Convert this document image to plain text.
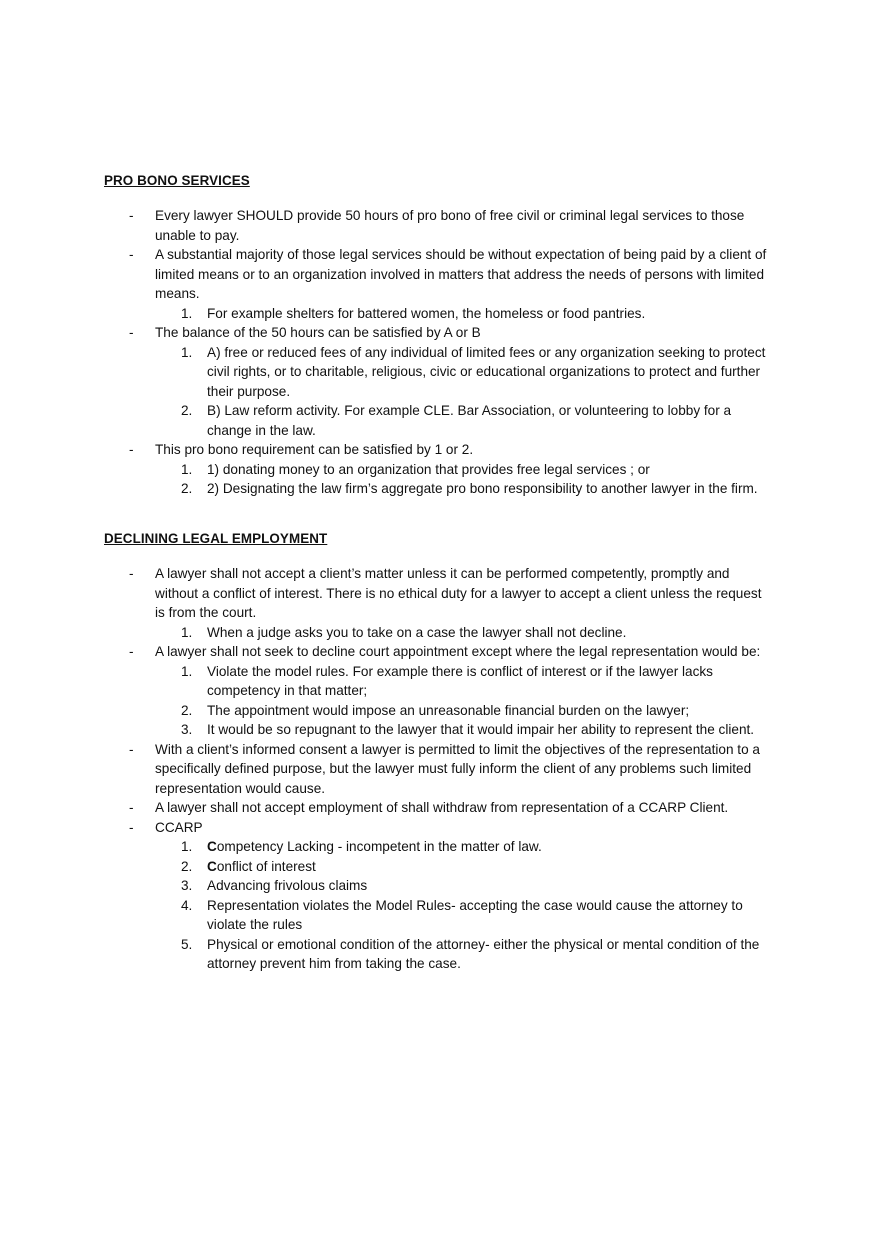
PRO BONO SERVICES
- Every lawyer SHOULD provide 50 hours of pro bono of free civil or criminal legal services to those unable to pay.
- A substantial majority of those legal services should be without expectation of being paid by a client of limited means or to an organization involved in matters that address the needs of persons with limited means.
1. For example shelters for battered women, the homeless or food pantries.
- The balance of the 50 hours can be satisfied by A or B
1. A) free or reduced fees of any individual of limited fees or any organization seeking to protect civil rights, or to charitable, religious, civic or educational organizations to protect and further their purpose.
2. B) Law reform activity. For example CLE. Bar Association, or volunteering to lobby for a change in the law.
- This pro bono requirement can be satisfied by 1 or 2.
1. 1) donating money to an organization that provides free legal services ; or
2. 2) Designating the law firm’s aggregate pro bono responsibility to another lawyer in the firm.
DECLINING LEGAL EMPLOYMENT
- A lawyer shall not accept a client’s matter unless it can be performed competently, promptly and without a conflict of interest. There is no ethical duty for a lawyer to accept a client unless the request is from the court.
1. When a judge asks you to take on a case the lawyer shall not decline.
- A lawyer shall not seek to decline court appointment except where the legal representation would be:
1. Violate the model rules. For example there is conflict of interest or if the lawyer lacks competency in that matter;
2. The appointment would impose an unreasonable financial burden on the lawyer;
3. It would be so repugnant to the lawyer that it would impair her ability to represent the client.
- With a client’s informed consent a lawyer is permitted to limit the objectives of the representation to a specifically defined purpose, but the lawyer must fully inform the client of any problems such limited representation would cause.
- A lawyer shall not accept employment of shall withdraw from representation of a CCARP Client.
- CCARP
1. Competency Lacking - incompetent in the matter of law.
2. Conflict of interest
3. Advancing frivolous claims
4. Representation violates the Model Rules- accepting the case would cause the attorney to violate the rules
5. Physical or emotional condition of the attorney- either the physical or mental condition of the attorney prevent him from taking the case.
